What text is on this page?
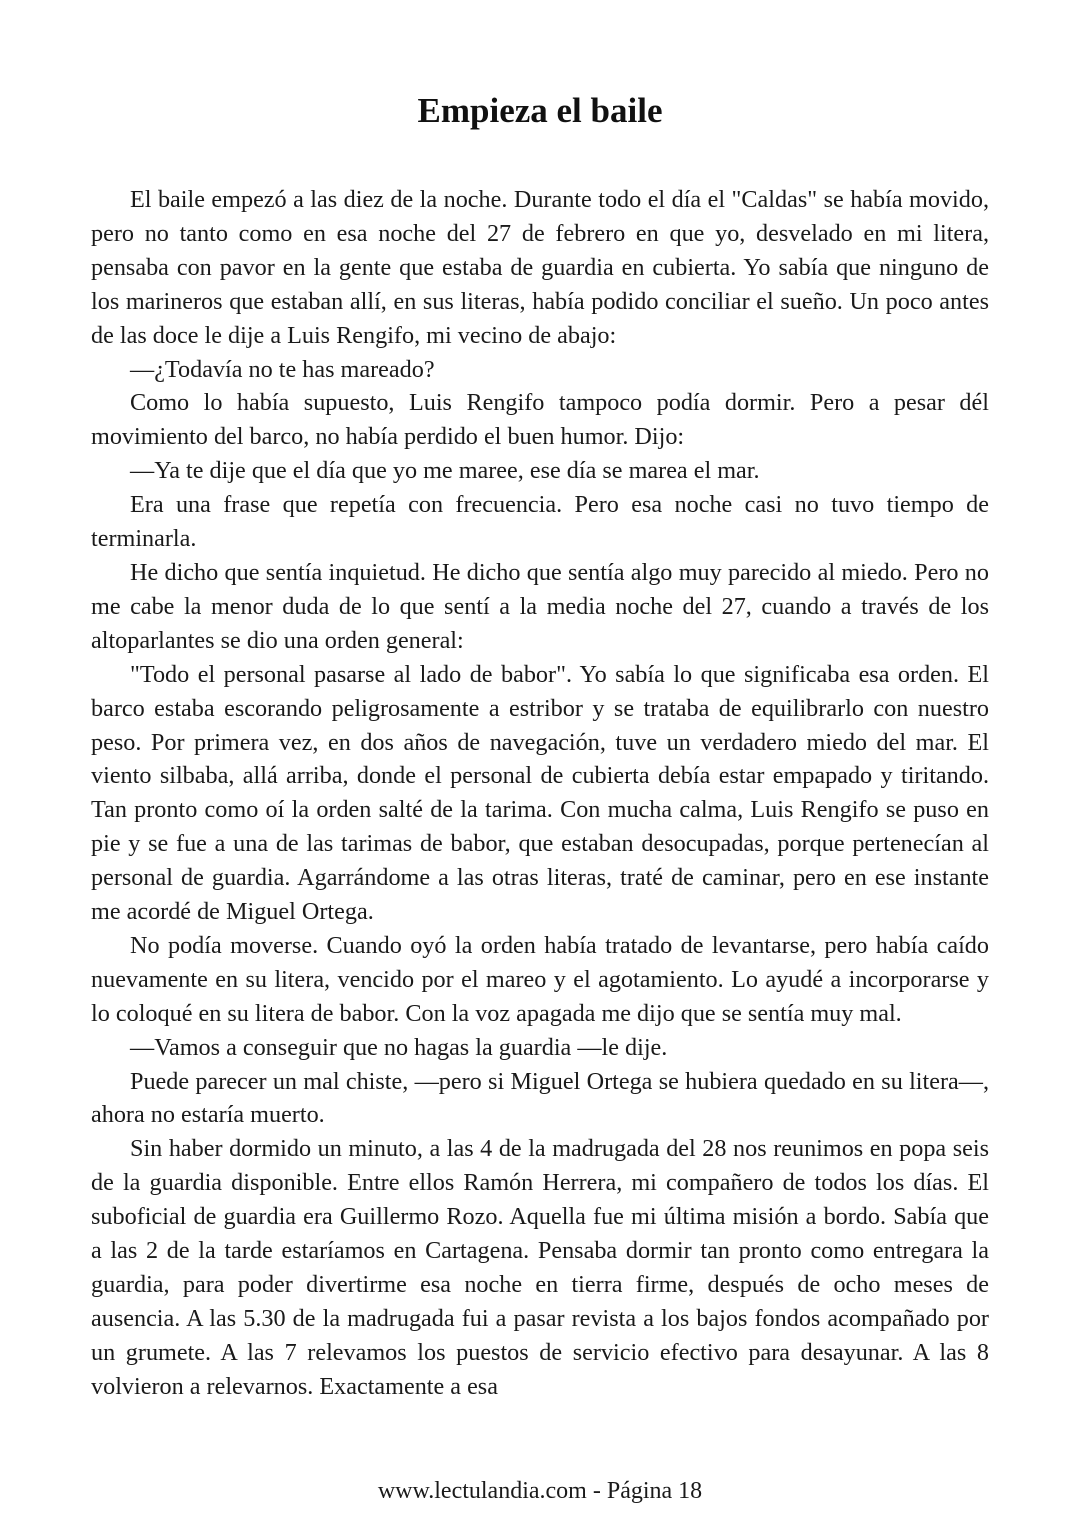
Empieza el baile

El baile empezó a las diez de la noche. Durante todo el día el "Caldas" se había movido, pero no tanto como en esa noche del 27 de febrero en que yo, desvelado en mi litera, pensaba con pavor en la gente que estaba de guardia en cubierta. Yo sabía que ninguno de los marineros que estaban allí, en sus literas, había podido conciliar el sueño. Un poco antes de las doce le dije a Luis Rengifo, mi vecino de abajo:

—¿Todavía no te has mareado?

Como lo había supuesto, Luis Rengifo tampoco podía dormir. Pero a pesar dél movimiento del barco, no había perdido el buen humor. Dijo:

—Ya te dije que el día que yo me maree, ese día se marea el mar.

Era una frase que repetía con frecuencia. Pero esa noche casi no tuvo tiempo de terminarla.

He dicho que sentía inquietud. He dicho que sentía algo muy parecido al miedo. Pero no me cabe la menor duda de lo que sentí a la media noche del 27, cuando a través de los altoparlantes se dio una orden general:

"Todo el personal pasarse al lado de babor". Yo sabía lo que significaba esa orden. El barco estaba escorando peligrosamente a estribor y se trataba de equilibrarlo con nuestro peso. Por primera vez, en dos años de navegación, tuve un verdadero miedo del mar. El viento silbaba, allá arriba, donde el personal de cubierta debía estar empapado y tiritando. Tan pronto como oí la orden salté de la tarima. Con mucha calma, Luis Rengifo se puso en pie y se fue a una de las tarimas de babor, que estaban desocupadas, porque pertenecían al personal de guardia. Agarrándome a las otras literas, traté de caminar, pero en ese instante me acordé de Miguel Ortega.

No podía moverse. Cuando oyó la orden había tratado de levantarse, pero había caído nuevamente en su litera, vencido por el mareo y el agotamiento. Lo ayudé a incorporarse y lo coloqué en su litera de babor. Con la voz apagada me dijo que se sentía muy mal.

—Vamos a conseguir que no hagas la guardia —le dije.

Puede parecer un mal chiste, —pero si Miguel Ortega se hubiera quedado en su litera—, ahora no estaría muerto.

Sin haber dormido un minuto, a las 4 de la madrugada del 28 nos reunimos en popa seis de la guardia disponible. Entre ellos Ramón Herrera, mi compañero de todos los días. El suboficial de guardia era Guillermo Rozo. Aquella fue mi última misión a bordo. Sabía que a las 2 de la tarde estaríamos en Cartagena. Pensaba dormir tan pronto como entregara la guardia, para poder divertirme esa noche en tierra firme, después de ocho meses de ausencia. A las 5.30 de la madrugada fui a pasar revista a los bajos fondos acompañado por un grumete. A las 7 relevamos los puestos de servicio efectivo para desayunar. A las 8 volvieron a relevarnos. Exactamente a esa

www.lectulandia.com - Página 18
